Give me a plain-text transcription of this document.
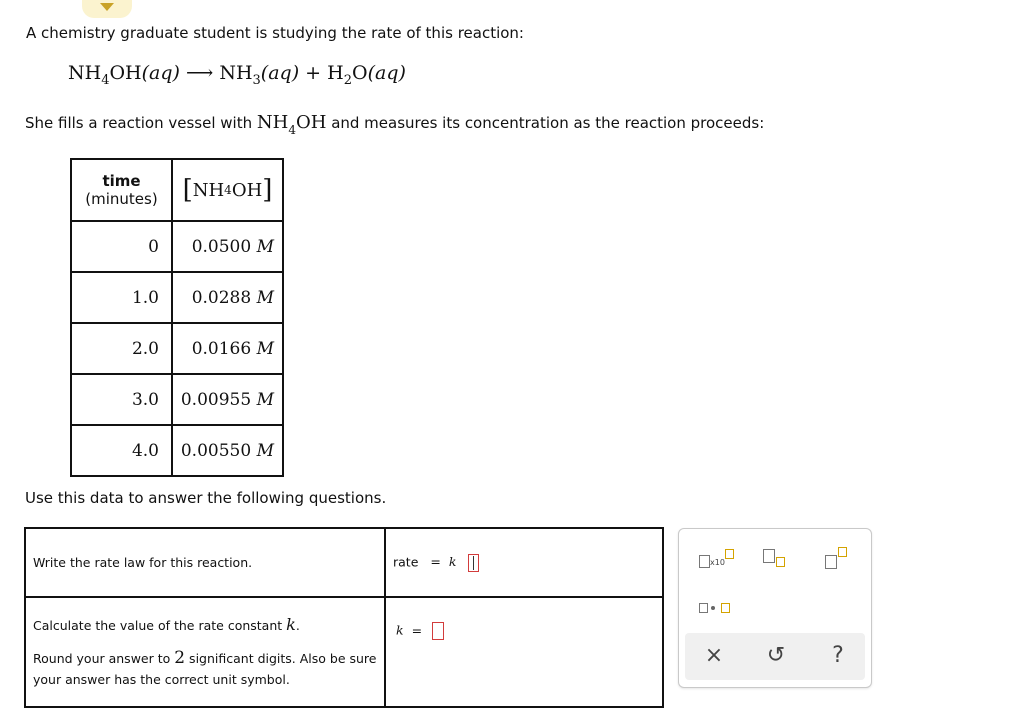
A chemistry graduate student is studying the rate of this reaction:
$NH_4OH(aq)$ ⟶ $NH_3(aq) + H_2O(aq)$
She fills a reaction vessel with $NH_4OH$ and measures its concentration as the reaction proceeds:
time
(minutes)	[ NH 4 OH ]

0	0.0500 M
1.0	0.0288 M
2.0	0.0166 M
3.0	0.00955 M
4.0	0.00550 M
Use this data to answer the following questions.
Write the rate law for this reaction.	rate = k

Calculate the value of the rate constant k.
Round your answer to 2 significant digits. Also be sure your answer has the correct unit symbol.	k =
x10
× ↺	?
